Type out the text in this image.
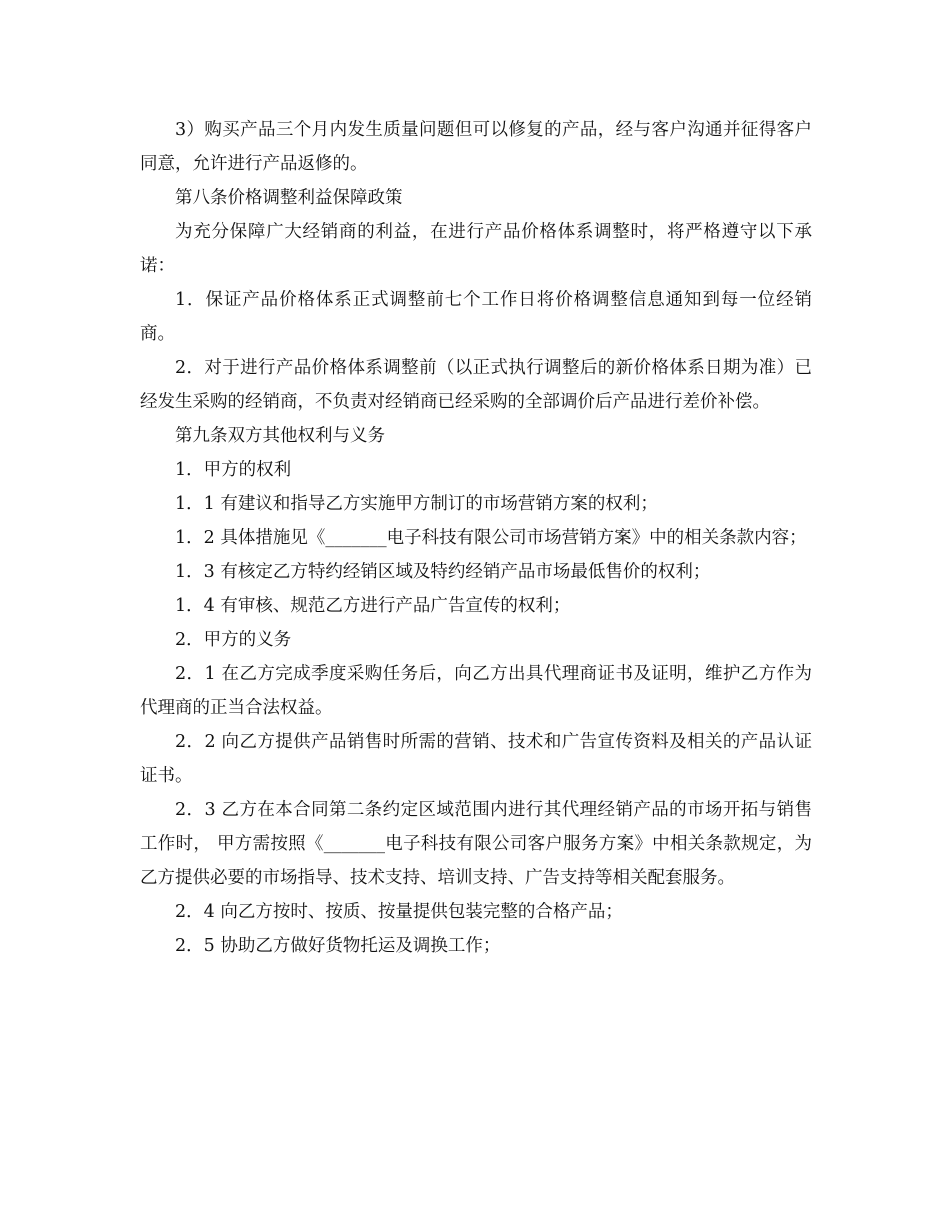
3）购买产品三个月内发生质量问题但可以修复的产品，经与客户沟通并征得客户同意，允许进行产品返修的。

第八条价格调整利益保障政策

为充分保障广大经销商的利益，在进行产品价格体系调整时，将严格遵守以下承诺：

1．保证产品价格体系正式调整前七个工作日将价格调整信息通知到每一位经销商。

2．对于进行产品价格体系调整前（以正式执行调整后的新价格体系日期为准）已经发生采购的经销商，不负责对经销商已经采购的全部调价后产品进行差价补偿。

第九条双方其他权利与义务

1．甲方的权利

1．1 有建议和指导乙方实施甲方制订的市场营销方案的权利；

1．2 具体措施见《_______电子科技有限公司市场营销方案》中的相关条款内容；

1．3 有核定乙方特约经销区域及特约经销产品市场最低售价的权利；

1．4 有审核、规范乙方进行产品广告宣传的权利；

2．甲方的义务

2．1 在乙方完成季度采购任务后，向乙方出具代理商证书及证明，维护乙方作为代理商的正当合法权益。

2．2 向乙方提供产品销售时所需的营销、技术和广告宣传资料及相关的产品认证证书。

2．3 乙方在本合同第二条约定区域范围内进行其代理经销产品的市场开拓与销售工作时， 甲方需按照《_______电子科技有限公司客户服务方案》中相关条款规定，为乙方提供必要的市场指导、技术支持、培训支持、广告支持等相关配套服务。

2．4 向乙方按时、按质、按量提供包装完整的合格产品；

2．5 协助乙方做好货物托运及调换工作；
